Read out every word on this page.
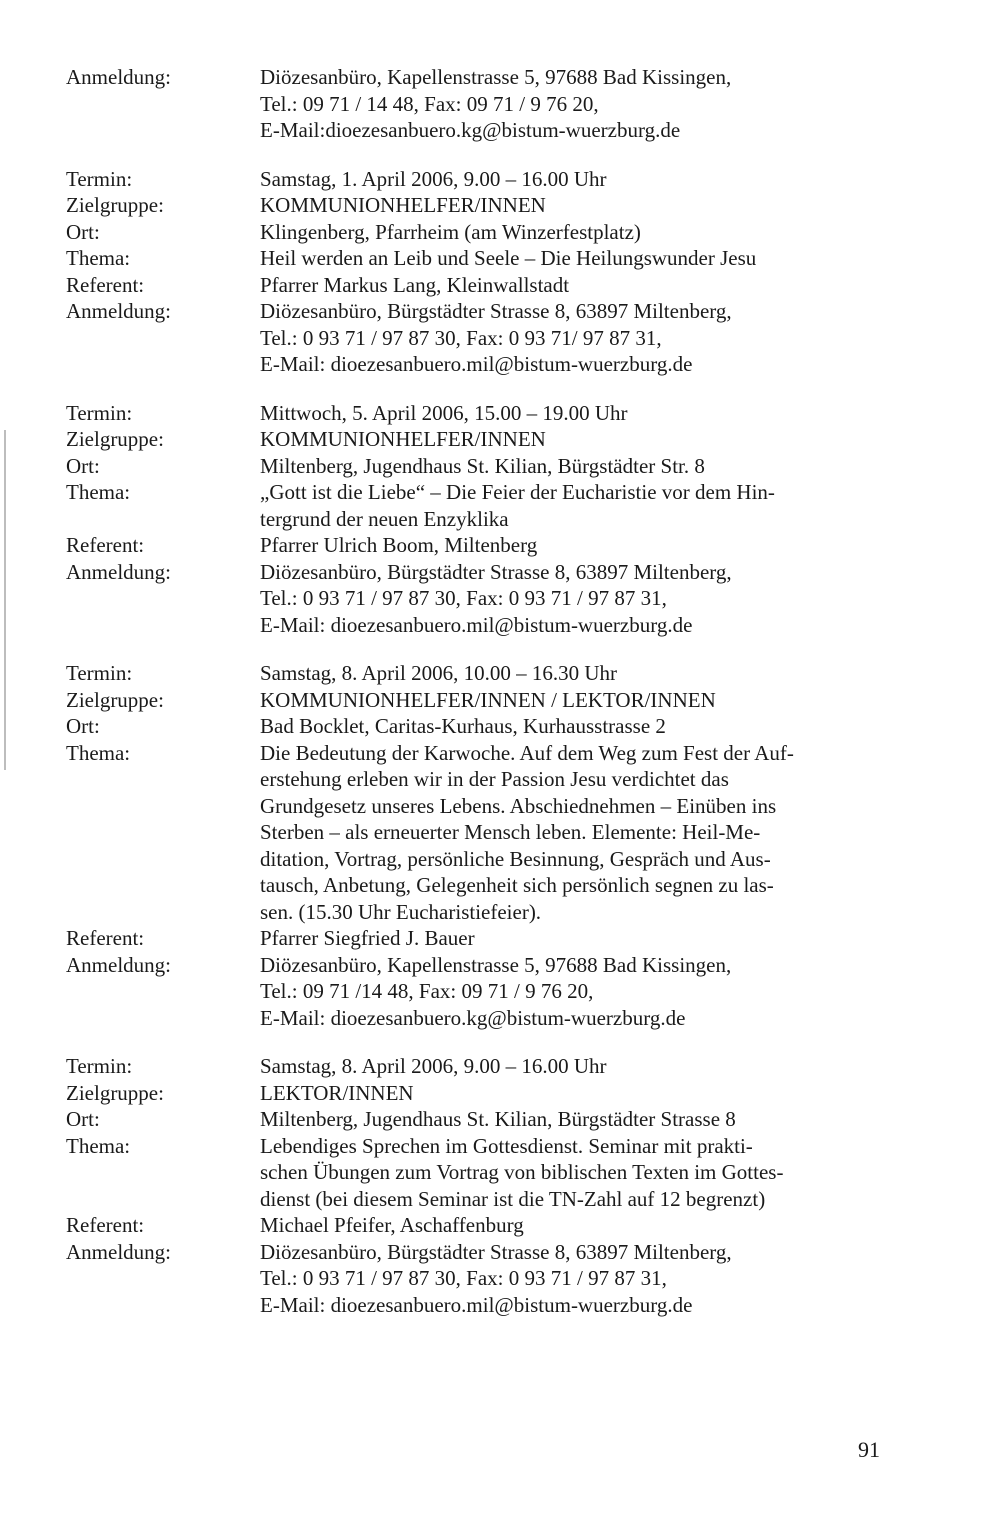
Anmeldung:	Diözesanbüro, Kapellenstrasse 5, 97688 Bad Kissingen,
Tel.: 09 71 / 14 48, Fax: 09 71 / 9 76 20,
E-Mail:dioezesanbuero.kg@bistum-wuerzburg.de
Termin:	Samstag, 1. April 2006, 9.00 – 16.00 Uhr
Zielgruppe:	KOMMUNIONHELFER/INNEN
Ort:	Klingenberg, Pfarrheim (am Winzerfestplatz)
Thema:	Heil werden an Leib und Seele – Die Heilungswunder Jesu
Referent:	Pfarrer Markus Lang, Kleinwallstadt
Anmeldung:	Diözesanbüro, Bürgstädter Strasse 8, 63897 Miltenberg,
Tel.: 0 93 71 / 97 87 30, Fax: 0 93 71/ 97 87 31,
E-Mail: dioezesanbuero.mil@bistum-wuerzburg.de
Termin:	Mittwoch, 5. April 2006, 15.00 – 19.00 Uhr
Zielgruppe:	KOMMUNIONHELFER/INNEN
Ort:	Miltenberg, Jugendhaus St. Kilian, Bürgstädter Str. 8
Thema:	„Gott ist die Liebe“ – Die Feier der Eucharistie vor dem Hin-
tergrund der neuen Enzyklika
Referent:	Pfarrer Ulrich Boom, Miltenberg
Anmeldung:	Diözesanbüro, Bürgstädter Strasse 8, 63897 Miltenberg,
Tel.: 0 93 71 / 97 87 30, Fax: 0 93 71 / 97 87 31,
E-Mail: dioezesanbuero.mil@bistum-wuerzburg.de
Termin:	Samstag, 8. April 2006, 10.00 – 16.30 Uhr
Zielgruppe:	KOMMUNIONHELFER/INNEN / LEKTOR/INNEN
Ort:	Bad Bocklet, Caritas-Kurhaus, Kurhausstrasse 2
Thema:	Die Bedeutung der Karwoche. Auf dem Weg zum Fest der Auf-
erstehung erleben wir in der Passion Jesu verdichtet das
Grundgesetz unseres Lebens. Abschiednehmen – Einüben ins
Sterben – als erneuerter Mensch leben. Elemente: Heil-Me-
ditation, Vortrag, persönliche Besinnung, Gespräch und Aus-
tausch, Anbetung, Gelegenheit sich persönlich segnen zu las-
sen. (15.30 Uhr Eucharistiefeier).
Referent:	Pfarrer Siegfried J. Bauer
Anmeldung:	Diözesanbüro, Kapellenstrasse 5, 97688 Bad Kissingen,
Tel.: 09 71 /14 48, Fax: 09 71 / 9 76 20,
E-Mail: dioezesanbuero.kg@bistum-wuerzburg.de
Termin:	Samstag, 8. April 2006, 9.00 – 16.00 Uhr
Zielgruppe:	LEKTOR/INNEN
Ort:	Miltenberg, Jugendhaus St. Kilian, Bürgstädter Strasse 8
Thema:	Lebendiges Sprechen im Gottesdienst. Seminar mit prakti-
schen Übungen zum Vortrag von biblischen Texten im Gottes-
dienst (bei diesem Seminar ist die TN-Zahl auf 12 begrenzt)
Referent:	Michael Pfeifer, Aschaffenburg
Anmeldung:	Diözesanbüro, Bürgstädter Strasse 8, 63897 Miltenberg,
Tel.: 0 93 71 / 97 87 30, Fax: 0 93 71 / 97 87 31,
E-Mail: dioezesanbuero.mil@bistum-wuerzburg.de
91
